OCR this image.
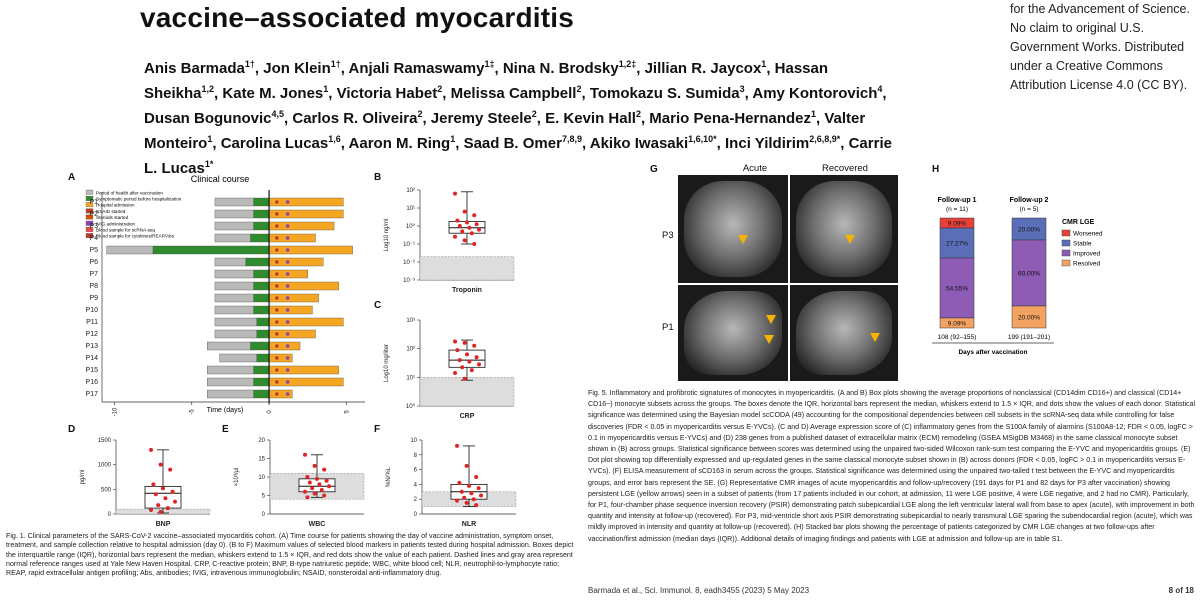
vaccine–associated myocarditis	for the Advancement of Science. No claim to original U.S. Government Works. Distributed under a Creative Commons Attribution License 4.0 (CC BY).
Anis Barmada$^{1\dagger}$, Jon Klein$^{1\dagger}$, Anjali Ramaswamy$^{1\ddagger}$, Nina N. Brodsky$^{1,2\ddagger}$, Jillian R. Jaycox$^1$, Hassan Sheikha$^{1,2}$, Kate M. Jones$^1$, Victoria Habet$^2$, Melissa Campbell$^2$, Tomokazu S. Sumida$^3$, Amy Kontorovich$^4$, Dusan Bogunovic$^{4,5}$, Carlos R. Oliveira$^2$, Jeremy Steele$^2$, E. Kevin Hall$^2$, Mario Pena-Hernandez$^1$, Valter Monteiro$^1$, Carolina Lucas$^{1,6}$, Aaron M. Ring$^1$, Saad B. Omer$^{7,8,9}$, Akiko Iwasaki$^{1,6,10*}$, Inci Yildirim$^{2,6,8,9*}$, Carrie L. Lucas$^{1*}$
A	B
C
D	E	F
Clinical course
Period of health after vaccination
Symptomatic period before hospitalization
Hospital admission
NSAID started
Steroids started
IVIG administration
Blood sample for scRNA-seq
Blood sample for cytokines/REAP/Abs
P1
P2
P3
P4
P5
P6
P7
P8
P9
P10
P11
P12
P13
P14
P15
P16
P17
-10	-5	0	5
Time (days)
10²
10¹
10⁰
10⁻¹
10⁻²
10⁻³
Log10 ng/ml
Troponin
10³
10²
10¹
10⁰
Log10 mg/liter
CRP
1500
1000
500
0
pg/ml
BNP
20
15
10
5
0
×10³/µl
WBC
10
8
6
4
2
0
%N/%L
NLR
Fig. 1. Clinical parameters of the SARS-CoV-2 vaccine–associated myocarditis cohort. (A) Time course for patients showing the day of vaccine administration, symptom onset, treatment, and sample collection relative to hospital admission (day 0). (B to F) Maximum values of selected blood markers in patients tested during hospital admission. Boxes depict the interquartile range (IQR), horizontal bars represent the median, whiskers extend to 1.5 × IQR, and red dots show the value of each patient. Dashed lines and gray area represent normal reference ranges used at Yale New Haven Hospital. CRP, C-reactive protein; BNP, B-type natriuretic peptide; WBC, white blood cell; NLR, neutrophil-to-lymphocyte ratio; REAP, rapid extracellular antigen profiling; Abs, antibodies; IVIG, intravenous immunoglobulin; NSAID, nonsteroidal anti-inflammatory drug.
G	Acute	Recovered
P3
P1
H
Follow-up 1
(n = 11)
9.09%
27.27%
54.55%
9.09%
108 (92–155)
Follow-up 2
(n = 5)
20.00%
60.00%
20.00%
199 (191–201)
Days after vaccination
CMR LGE
Worsened
Stable
Improved
Resolved
Fig. 5. Inflammatory and profibrotic signatures of monocytes in myopericarditis. (A and B) Box plots showing the average proportions of nonclassical (CD14dim CD16+) and classical (CD14+ CD16−) monocyte subsets across the groups. The boxes denote the IQR, horizontal bars represent the median, whiskers extend to 1.5 × IQR, and dots show the values of each donor. Statistical significance was determined using the Bayesian model scCODA (49) accounting for the compositional dependencies between cell subsets in the scRNA-seq data while controlling for false discoveries (FDR < 0.05 in myopericarditis versus E-YVCs). (C and D) Average expression score of (C) inflammatory genes from the S100A family of alarmins (S100A8-12; FDR < 0.05, logFC > 0.1 in myopericarditis versus E-YVCs) and (D) 238 genes from a published dataset of extracellular matrix (ECM) remodeling (GSEA MSigDB M3468) in the same classical monocyte subset shown in (B) across groups. Statistical significance between scores was determined using the unpaired two-sided Wilcoxon rank-sum test comparing the E-YVC and myopericarditis groups. (E) Dot plot showing top differentially expressed and up-regulated genes in the same classical monocyte subset shown in (B) across donors (FDR < 0.05, logFC > 0.1 in myopericarditis versus E-YVCs). (F) ELISA measurement of sCD163 in serum across the groups. Statistical significance was determined using the unpaired two-tailed t test between the E-YVC and myopericarditis groups, and error bars represent the SE. (G) Representative CMR images of acute myopericarditis and follow-up/recovery (191 days for P1 and 82 days for P3 after vaccination) showing persistent LGE (yellow arrows) seen in a subset of patients (from 17 patients included in our cohort, at admission, 11 were LGE positive, 4 were LGE negative, and 2 had no CMR). Particularly, for P1, four-chamber phase sequence inversion recovery (PSIR) demonstrating patch subepicardial LGE along the left ventricular lateral wall from base to apex (acute), with improvement in both quantity and intensity at follow-up (recovered). For P3, mid-ventricle short axis PSIR demonstrating subepicardial to nearly transmural LGE sparing the subendocardial region (acute), which was mildly improved in intensity and quantity at follow-up (recovered). (H) Stacked bar plots showing the percentage of patients categorized by CMR LGE changes at two follow-ups after vaccination/first admission (median days (IQR)). Additional details of imaging findings and patients with LGE at admission and follow-up are in table S1.
Barmada et al., Sci. Immunol. 8, eadh3455 (2023) 5 May 2023	8 of 18
